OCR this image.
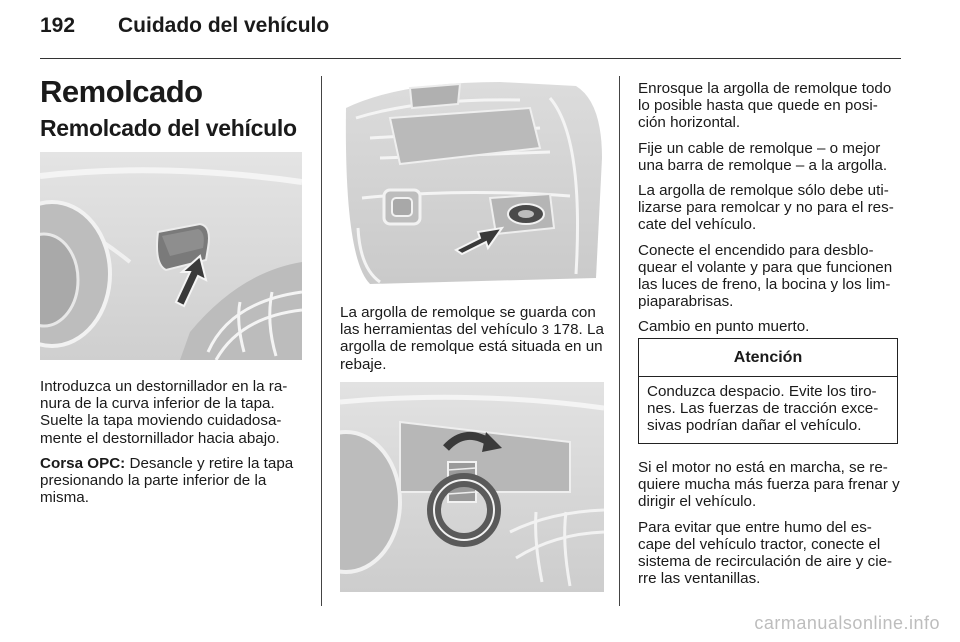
192 Cuidado del vehículo
Remolcado
Remolcado del vehículo

Introduzca un destornillador en la ra- nura de la curva inferior de la tapa. Suelte la tapa moviendo cuidadosa- mente el destornillador hacia abajo.

Corsa OPC: Desancle y retire la tapa presionando la parte inferior de la misma.

La argolla de remolque se guarda con las herramientas del vehículo 3 178. La argolla de remolque está situada en un rebaje.

Enrosque la argolla de remolque todo lo posible hasta que quede en posi- ción horizontal.

Fije un cable de remolque – o mejor una barra de remolque – a la argolla.

La argolla de remolque sólo debe uti- lizarse para remolcar y no para el res- cate del vehículo.

Conecte el encendido para desblo- quear el volante y para que funcionen las luces de freno, la bocina y los lim- piaparabrisas.

Cambio en punto muerto.

Atención
Conduzca despacio. Evite los tiro- nes. Las fuerzas de tracción exce- sivas podrían dañar el vehículo.

Si el motor no está en marcha, se re- quiere mucha más fuerza para frenar y dirigir el vehículo.

Para evitar que entre humo del es- cape del vehículo tractor, conecte el sistema de recirculación de aire y cie- rre las ventanillas.

carmanualsonline.info
